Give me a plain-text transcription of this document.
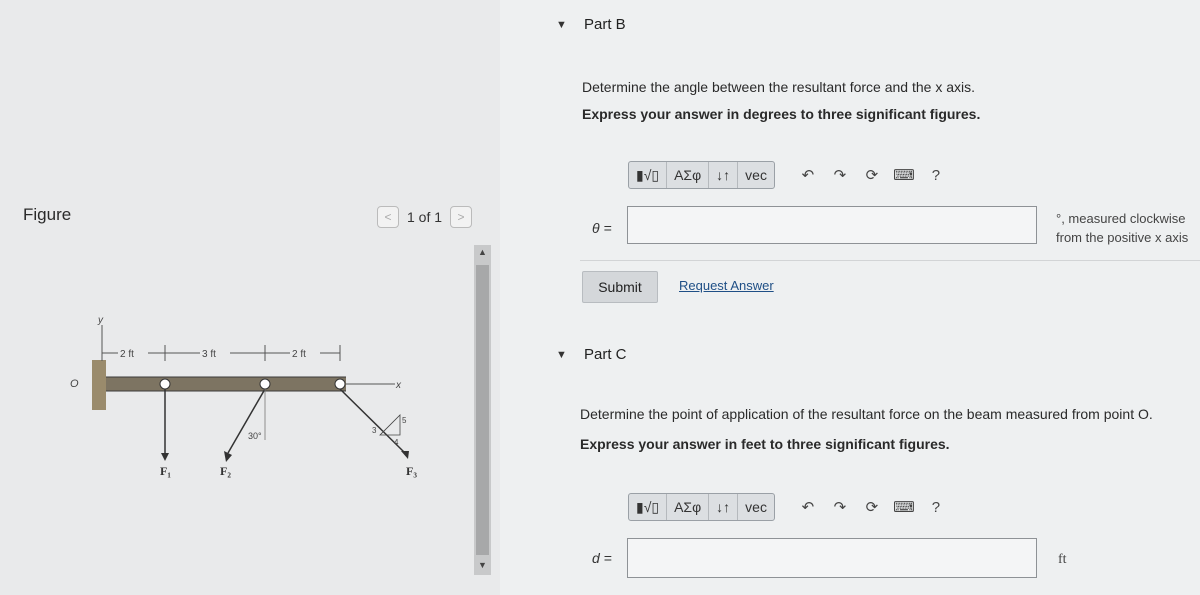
Figure	<	1 of 1	>
y
O
2 ft	3 ft	2 ft
x
F₁	F₂
30°
F₃
3
4
5
▲
▼
▼ Part B
Determine the angle between the resultant force and the x axis.
Express your answer in degrees to three significant figures.
▮√▯	ΑΣφ	↓↑	vec	↶	↷	⟳ ⌨	?
θ =
°, measured clockwise
from the positive x axis
Submit	Request Answer
▼ Part C
Determine the point of application of the resultant force on the beam measured from point O.
Express your answer in feet to three significant figures.
▮√▯	ΑΣφ	↓↑	vec	↶	↷	⟳ ⌨	?
d =	ft
